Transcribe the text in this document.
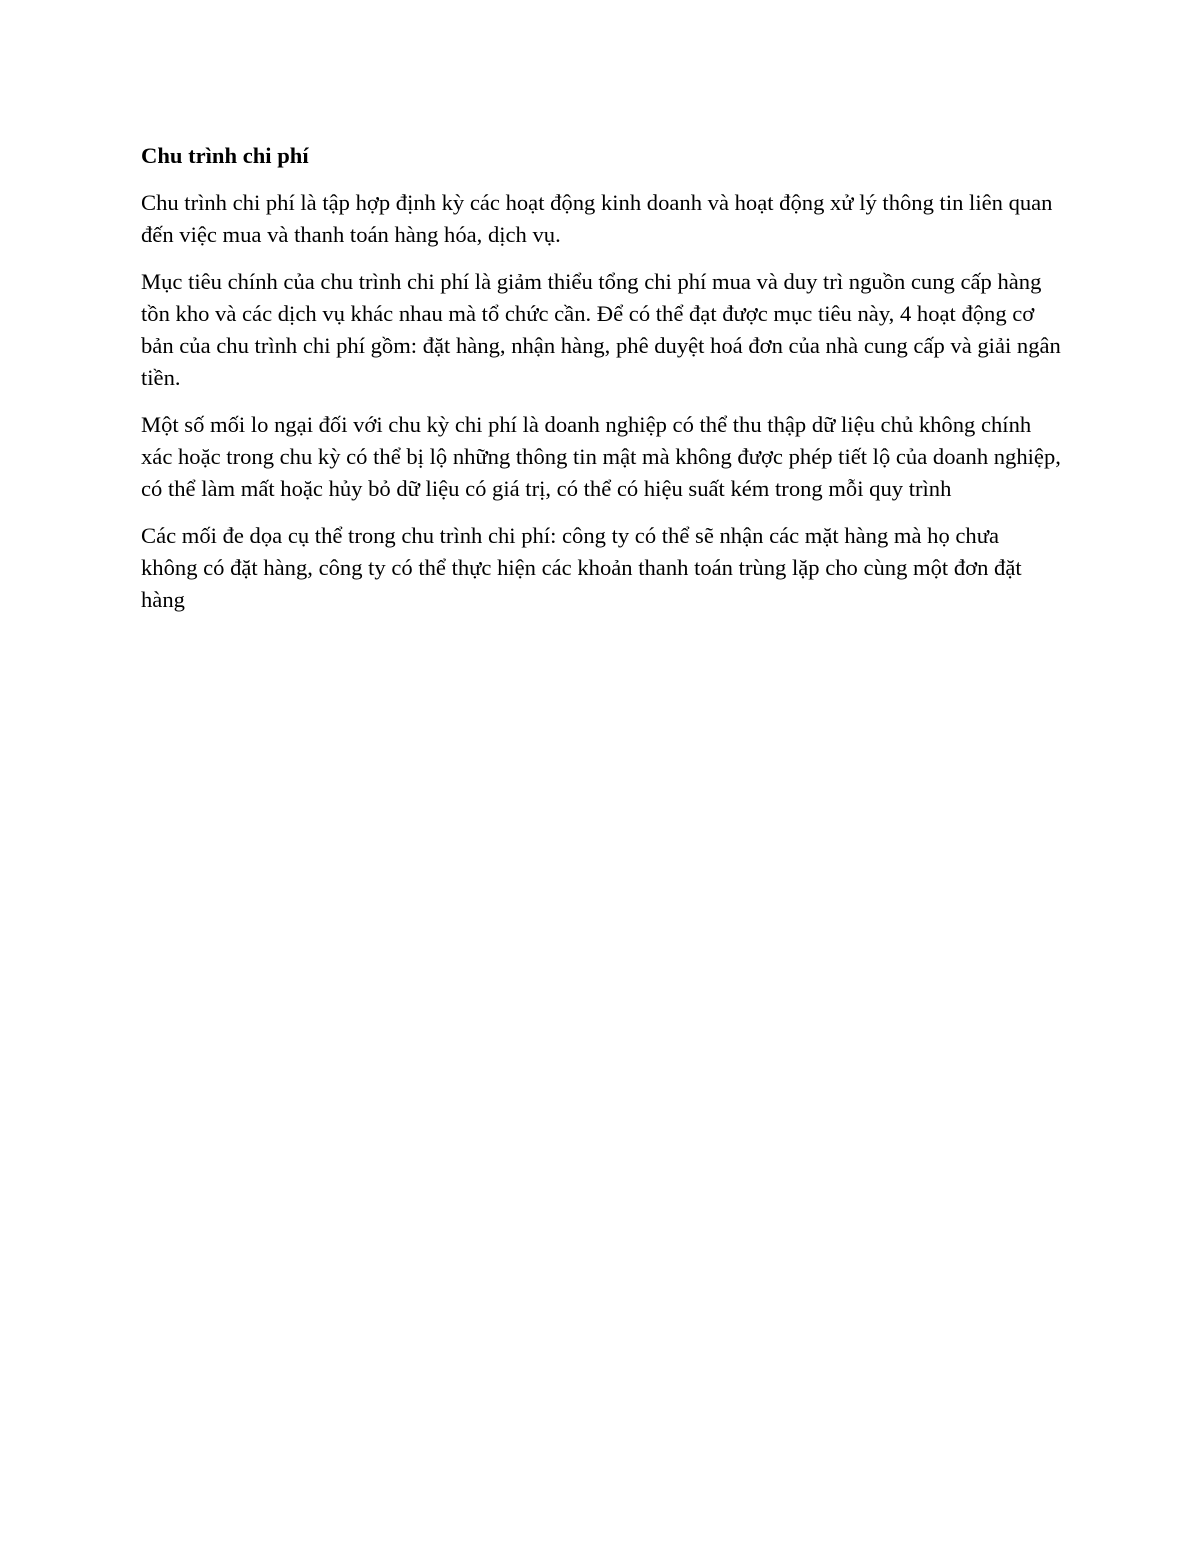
Chu trình chi phí

Chu trình chi phí là tập hợp định kỳ các hoạt động kinh doanh và hoạt động xử lý thông tin liên quan đến việc mua và thanh toán hàng hóa, dịch vụ.

Mục tiêu chính của chu trình chi phí là giảm thiểu tổng chi phí mua và duy trì nguồn cung cấp hàng tồn kho và các dịch vụ khác nhau mà tổ chức cần. Để có thể đạt được mục tiêu này, 4 hoạt động cơ bản của chu trình chi phí gồm: đặt hàng, nhận hàng, phê duyệt hoá đơn của nhà cung cấp và giải ngân tiền.

Một số mối lo ngại đối với chu kỳ chi phí là doanh nghiệp có thể thu thập dữ liệu chủ không chính xác hoặc trong chu kỳ có thể bị lộ những thông tin mật mà không được phép tiết lộ của doanh nghiệp, có thể làm mất hoặc hủy bỏ dữ liệu có giá trị, có thể có hiệu suất kém trong mỗi quy trình

Các mối đe dọa cụ thể trong chu trình chi phí: công ty có thể sẽ nhận các mặt hàng mà họ chưa không có đặt hàng, công ty có thể thực hiện các khoản thanh toán trùng lặp cho cùng một đơn đặt hàng
